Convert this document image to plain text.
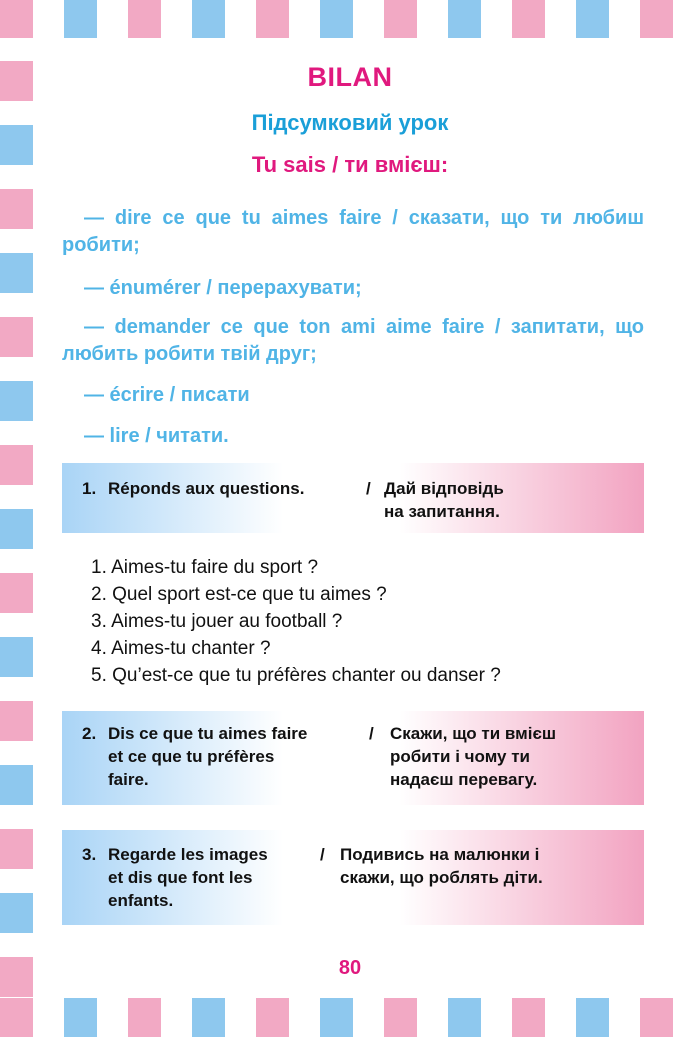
BILAN
Підсумковий урок
Tu sais / ти вмієш:
— dire ce que tu aimes faire / сказати, що ти любиш робити;
— énumérer / перерахувати;
— demander ce que ton ami aime faire / запитати, що любить робити твій друг;
— écrire / писати
— lire / читати.
1. Réponds aux questions.	/ Дай відповідь
на запитання.
1. Aimes-tu faire du sport ?
2. Quel sport est-ce que tu aimes ?
3. Aimes-tu jouer au football ?
4. Aimes-tu chanter ?
5. Qu’est-ce que tu préfères chanter ou danser ?
2. Dis ce que tu aimes faire
et ce que tu préfères
faire.
/ Скажи, що ти вмієш
робити і чому ти
надаєш перевагу.
3. Regarde les images
et dis que font les
enfants.
/ Подивись на малюнки і
скажи, що роблять діти.
80
